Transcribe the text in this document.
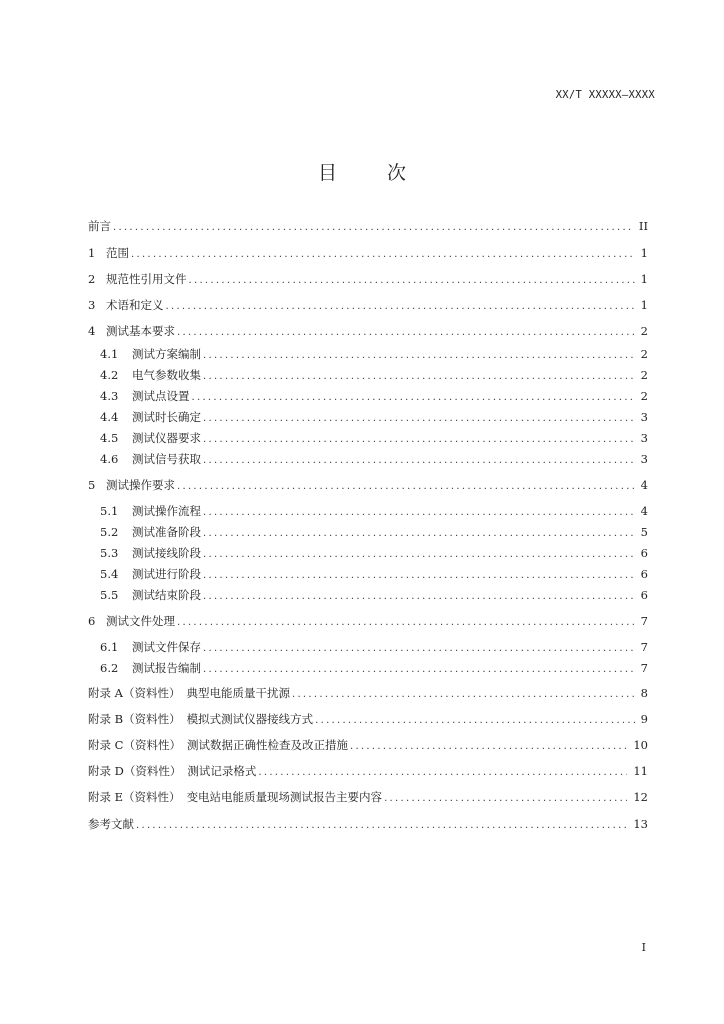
XX/T XXXXX—XXXX
目 次
前言 .....	II
1 范围 .....	1
2 规范性引用文件 .....	1
3 术语和定义 .....	1
4 测试基本要求 .....	2
4.1 测试方案编制 .....	2
4.2 电气参数收集 .....	2
4.3 测试点设置 .....	2
4.4 测试时长确定 .....	3
4.5 测试仪器要求 .....	3
4.6 测试信号获取 .....	3
5 测试操作要求 .....	4
5.1 测试操作流程 .....	4
5.2 测试准备阶段 .....	5
5.3 测试接线阶段 .....	6
5.4 测试进行阶段 .....	6
5.5 测试结束阶段 .....	6
6 测试文件处理 .....	7
6.1 测试文件保存 .....	7
6.2 测试报告编制 .....	7
附录 A（资料性） 典型电能质量干扰源 .....	8
附录 B（资料性） 模拟式测试仪器接线方式 .....	9
附录 C（资料性） 测试数据正确性检查及改正措施 .....	10
附录 D（资料性） 测试记录格式 .....	11
附录 E（资料性） 变电站电能质量现场测试报告主要内容 .....	12
参考文献 .....	13
I
